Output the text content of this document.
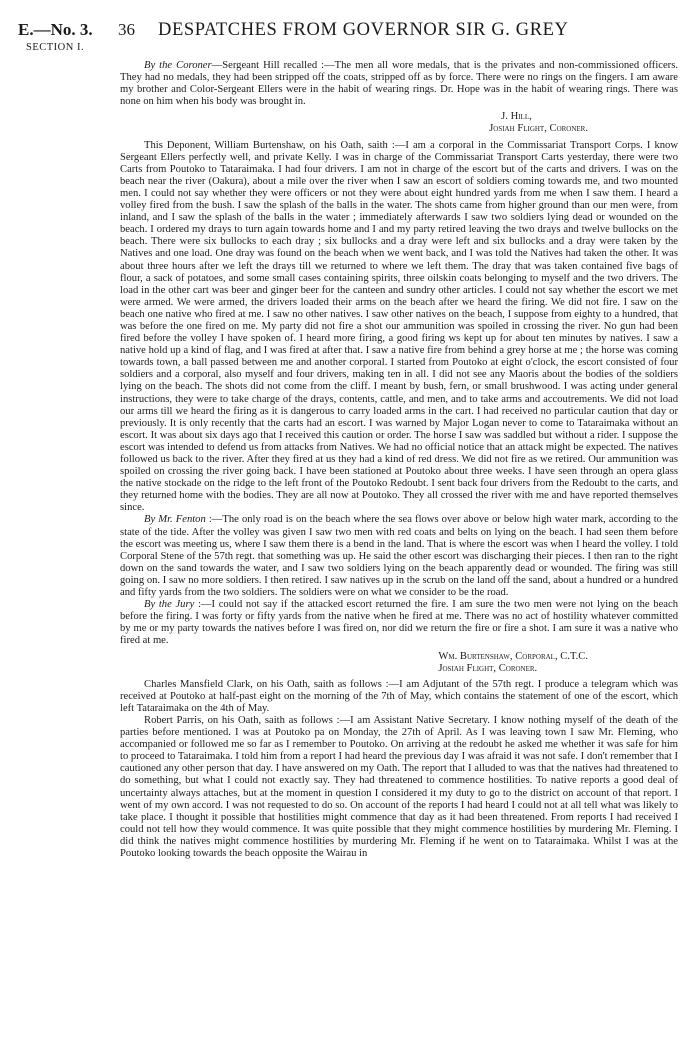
E.—No. 3.
SECTION I.
36 DESPATCHES FROM GOVERNOR SIR G. GREY

By the Coroner—Sergeant Hill recalled :—The men all wore medals, that is the privates and non-commissioned officers. They had no medals, they had been stripped off the coats, stripped off as by force. There were no rings on the fingers. I am aware my brother and Color-Sergeant Ellers were in the habit of wearing rings. Dr. Hope was in the habit of wearing rings. There was none on him when his body was brought in.

J. Hill,
Josiah Flight, Coroner.

This Deponent, William Burtenshaw, on his Oath, saith :—I am a corporal in the Commissariat Transport Corps. I know Sergeant Ellers perfectly well, and private Kelly. I was in charge of the Commissariat Transport Carts yesterday, there were two Carts from Poutoko to Tataraimaka. I had four drivers. I am not in charge of the escort but of the carts and drivers. I was on the beach near the river (Oakura), about a mile over the river when I saw an escort of soldiers coming towards me, and two mounted men. I could not say whether they were officers or not they were about eight hundred yards from me when I saw them. I heard a volley fired from the bush. I saw the splash of the balls in the water. The shots came from higher ground than our men were, from inland, and I saw the splash of the balls in the water ; immediately afterwards I saw two soldiers lying dead or wounded on the beach. I ordered my drays to turn again towards home and I and my party retired leaving the two drays and twelve bullocks on the beach. There were six bullocks to each dray ; six bullocks and a dray were left and six bullocks and a dray were taken by the Natives and one load. One dray was found on the beach when we went back, and I was told the Natives had taken the other. It was about three hours after we left the drays till we returned to where we left them. The dray that was taken contained five bags of flour, a sack of potatoes, and some small cases containing spirits, three oilskin coats belonging to myself and the two drivers. The load in the other cart was beer and ginger beer for the canteen and sundry other articles. I could not say whether the escort we met were armed. We were armed, the drivers loaded their arms on the beach after we heard the firing. We did not fire. I saw on the beach one native who fired at me. I saw no other natives. I saw other natives on the beach, I suppose from eighty to a hundred, that was before the one fired on me. My party did not fire a shot our ammunition was spoiled in crossing the river. No gun had been fired before the volley I have spoken of. I heard more firing, a good firing ws kept up for about ten minutes by natives. I saw a native hold up a kind of flag, and I was fired at after that. I saw a native fire from behind a grey horse at me ; the horse was coming towards town, a ball passed between me and another corporal. I started from Poutoko at eight o'clock, the escort consisted of four soldiers and a corporal, also myself and four drivers, making ten in all. I did not see any Maoris about the bodies of the soldiers lying on the beach. The shots did not come from the cliff. I meant by bush, fern, or small brushwood. I was acting under general instructions, they were to take charge of the drays, contents, cattle, and men, and to take arms and accoutrements. We did not load our arms till we heard the firing as it is dangerous to carry loaded arms in the cart. I had received no particular caution that day or previously. It is only recently that the carts had an escort. I was warned by Major Logan never to come to Tataraimaka without an escort. It was about six days ago that I received this caution or order. The horse I saw was saddled but without a rider. I suppose the escort was intended to defend us from attacks from Natives. We had no official notice that an attack might be expected. The natives followed us back to the river. After they fired at us they had a kind of red dress. We did not fire as we retired. Our ammunition was spoiled on crossing the river going back. I have been stationed at Poutoko about three weeks. I have seen through an opera glass the native stockade on the ridge to the left front of the Poutoko Redoubt. I sent back four drivers from the Redoubt to the carts, and they returned home with the bodies. They are all now at Poutoko. They all crossed the river with me and have reported themselves since.

By Mr. Fenton :—The only road is on the beach where the sea flows over above or below high water mark, according to the state of the tide. After the volley was given I saw two men with red coats and belts on lying on the beach. I had seen them before the escort was meeting us, where I saw them there is a bend in the land. That is where the escort was when I heard the volley. I told Corporal Stene of the 57th regt. that something was up. He said the other escort was discharging their pieces. I then ran to the right down on the sand towards the water, and I saw two soldiers lying on the beach apparently dead or wounded. The firing was still going on. I saw no more soldiers. I then retired. I saw natives up in the scrub on the land off the sand, about a hundred or a hundred and fifty yards from the two soldiers. The soldiers were on what we consider to be the road.

By the Jury :—I could not say if the attacked escort returned the fire. I am sure the two men were not lying on the beach before the firing. I was forty or fifty yards from the native when he fired at me. There was no act of hostility whatever committed by me or my party towards the natives before I was fired on, nor did we return the fire or fire a shot. I am sure it was a native who fired at me.

Wm. Burtenshaw, Corporal, C.T.C.
Josiah Flight, Coroner.

Charles Mansfield Clark, on his Oath, saith as follows :—I am Adjutant of the 57th regt. I produce a telegram which was received at Poutoko at half-past eight on the morning of the 7th of May, which contains the statement of one of the escort, which left Tataraimaka on the 4th of May.

Robert Parris, on his Oath, saith as follows :—I am Assistant Native Secretary. I know nothing myself of the death of the parties before mentioned. I was at Poutoko pa on Monday, the 27th of April. As I was leaving town I saw Mr. Fleming, who accompanied or followed me so far as I remember to Poutoko. On arriving at the redoubt he asked me whether it was safe for him to proceed to Tataraimaka. I told him from a report I had heard the previous day I was afraid it was not safe. I don't remember that I cautioned any other person that day. I have answered on my Oath. The report that I alluded to was that the natives had threatened to do something, but what I could not exactly say. They had threatened to commence hostilities. To native reports a good deal of uncertainty always attaches, but at the moment in question I considered it my duty to go to the district on account of that report. I went of my own accord. I was not requested to do so. On account of the reports I had heard I could not at all tell what was likely to take place. I thought it possible that hostilities might commence that day as it had been threatened. From reports I had received I could not tell how they would commence. It was quite possible that they might commence hostilities by murdering Mr. Fleming. I did think the natives might commence hostilities by murdering Mr. Fleming if he went on to Tataraimaka. Whilst I was at the Poutoko looking towards the beach opposite the Wairau in
